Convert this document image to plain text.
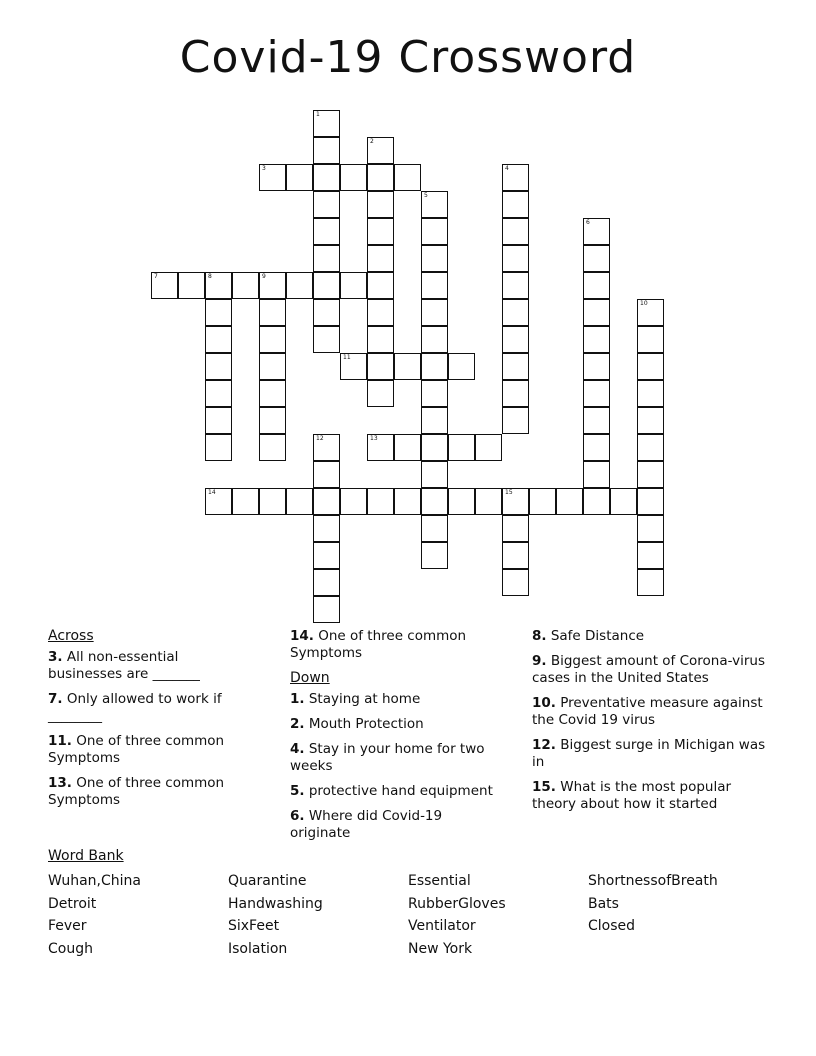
Covid-19 Crossword
1
2
3	4
5
6
7	8	9
10
11
12	13
14	15
Across
3. All non-essential businesses are _______
7. Only allowed to work if ________
11. One of three common Symptoms
13. One of three common Symptoms
14. One of three common Symptoms
Down
1. Staying at home
2. Mouth Protection
4. Stay in your home for two weeks
5. protective hand equipment
6. Where did Covid-19 originate
8. Safe Distance
9. Biggest amount of Corona-virus cases in the United States
10. Preventative measure against the Covid 19 virus
12. Biggest surge in Michigan was in
15. What is the most popular theory about how it started
Word Bank
Wuhan,China
Detroit
Fever
Cough
Quarantine
Handwashing
SixFeet
Isolation
Essential
RubberGloves
Ventilator
New York
ShortnessofBreath
Bats
Closed
